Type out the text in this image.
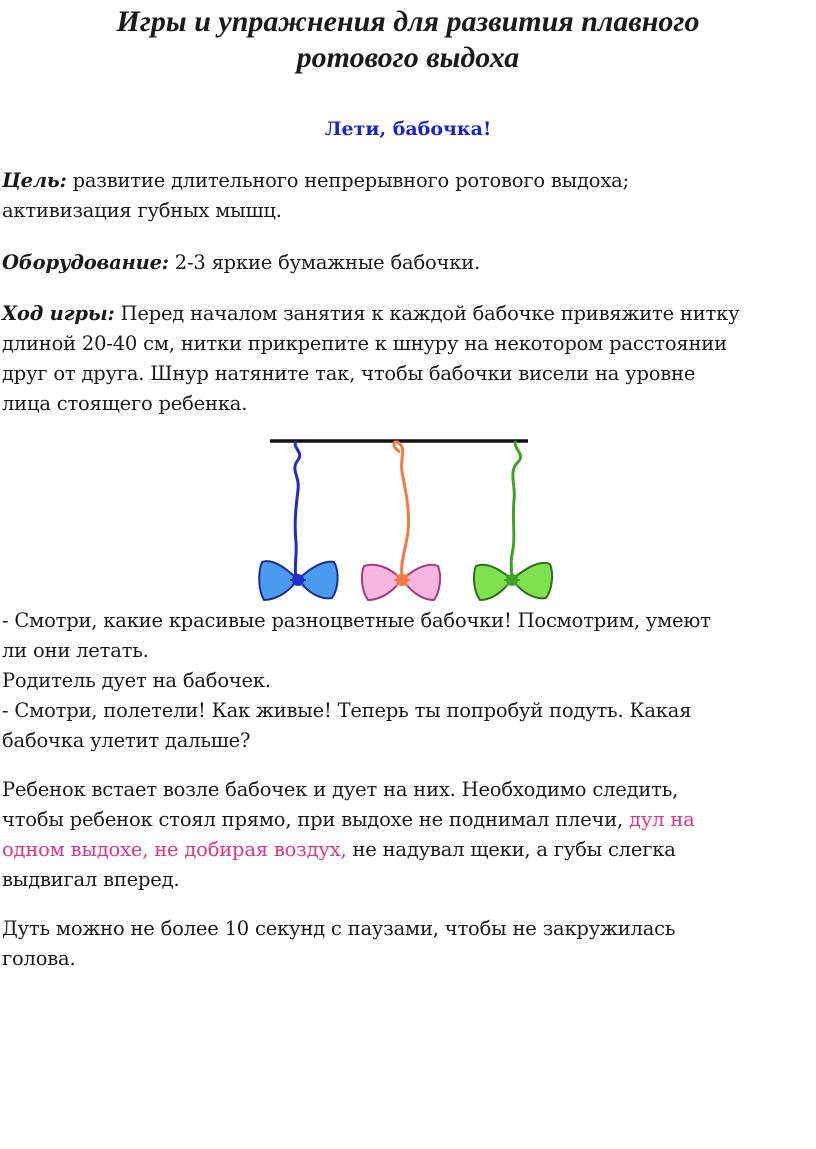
Игры и упражнения для развития плавного
ротового выдоха
Лети, бабочка!

Цель: развитие длительного непрерывного ротового выдоха;
активизация губных мышц.

Оборудование: 2-3 яркие бумажные бабочки.

Ход игры: Перед началом занятия к каждой бабочке привяжите нитку
длиной 20-40 см, нитки прикрепите к шнуру на некотором расстоянии
друг от друга. Шнур натяните так, чтобы бабочки висели на уровне
лица стоящего ребенка.

- Смотри, какие красивые разноцветные бабочки! Посмотрим, умеют
ли они летать.
Родитель дует на бабочек.
- Смотри, полетели! Как живые! Теперь ты попробуй подуть. Какая
бабочка улетит дальше?

Ребенок встает возле бабочек и дует на них. Необходимо следить,
чтобы ребенок стоял прямо, при выдохе не поднимал плечи, дул на
одном выдохе, не добирая воздух, не надувал щеки, а губы слегка
выдвигал вперед.

Дуть можно не более 10 секунд с паузами, чтобы не закружилась
голова.
